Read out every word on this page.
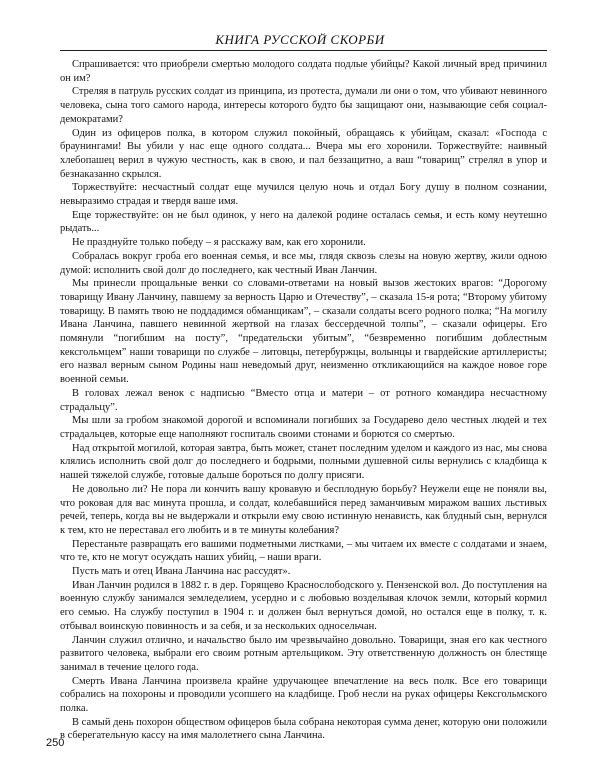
КНИГА РУССКОЙ СКОРБИ

Спрашивается: что приобрели смертью молодого солдата подлые убийцы? Какой личный вред причинил он им?

Стреляя в патруль русских солдат из принципа, из протеста, думали ли они о том, что убивают невинного человека, сына того самого народа, интересы которого будто бы защищают они, называющие себя социал-демократами?

Один из офицеров полка, в котором служил покойный, обращаясь к убийцам, сказал: «Господа с браунингами! Вы убили у нас еще одного солдата... Вчера мы его хоронили. Торжествуйте: наивный хлебопашец верил в чужую честность, как в свою, и пал беззащитно, а ваш “товарищ” стрелял в упор и безнаказанно скрылся.

Торжествуйте: несчастный солдат еще мучился целую ночь и отдал Богу душу в полном сознании, невыразимо страдая и твердя ваше имя.

Еще торжествуйте: он не был одинок, у него на далекой родине осталась семья, и есть кому неутешно рыдать...

Не празднуйте только победу – я расскажу вам, как его хоронили.

Собралась вокруг гроба его военная семья, и все мы, глядя сквозь слезы на новую жертву, жили одною думой: исполнить свой долг до последнего, как честный Иван Ланчин.

Мы принесли прощальные венки со словами-ответами на новый вызов жестоких врагов: “Дорогому товарищу Ивану Ланчину, павшему за верность Царю и Отечеству”, – сказала 15-я рота; “Второму убитому товарищу. В память твою не поддадимся обманщикам”, – сказали солдаты всего родного полка; “На могилу Ивана Ланчина, павшего невинной жертвой на глазах бессердечной толпы”, – сказали офицеры. Его помянули “погибшим на посту”, “предательски убитым”, “безвременно погибшим доблестным кексгольмцем” наши товарищи по службе – литовцы, петербуржцы, волынцы и гвардейские артиллеристы; его назвал верным сыном Родины наш неведомый друг, неизменно откликающийся на каждое новое горе военной семьи.

В головах лежал венок с надписью “Вместо отца и матери – от ротного командира несчастному страдальцу”.

Мы шли за гробом знакомой дорогой и вспоминали погибших за Государево дело честных людей и тех страдальцев, которые еще наполняют госпиталь своими стонами и борются со смертью.

Над открытой могилой, которая завтра, быть может, станет последним уделом и каждого из нас, мы снова клялись исполнить свой долг до последнего и бодрыми, полными душевной силы вернулись с кладбища к нашей тяжелой службе, готовые дальше бороться по долгу присяги.

Не довольно ли? Не пора ли кончить вашу кровавую и бесплодную борьбу? Неужели еще не поняли вы, что роковая для вас минута прошла, и солдат, колебавшийся перед заманчивым миражом ваших льстивых речей, теперь, когда вы не выдержали и открыли ему свою истинную ненависть, как блудный сын, вернулся к тем, кто не переставал его любить и в те минуты колебания?

Перестаньте развращать его вашими подметными листками, – мы читаем их вместе с солдатами и знаем, что те, кто не могут осуждать наших убийц, – наши враги.

Пусть мать и отец Ивана Ланчина нас рассудят».

Иван Ланчин родился в 1882 г. в дер. Горящево Краснослободского у. Пензенской вол. До поступления на военную службу занимался земледелием, усердно и с любовью возделывая клочок земли, который кормил его семью. На службу поступил в 1904 г. и должен был вернуться домой, но остался еще в полку, т. к. отбывал воинскую повинность и за себя, и за нескольких односельчан.

Ланчин служил отлично, и начальство было им чрезвычайно довольно. Товарищи, зная его как честного развитого человека, выбрали его своим ротным артельщиком. Эту ответственную должность он блестяще занимал в течение целого года.

Смерть Ивана Ланчина произвела крайне удручающее впечатление на весь полк. Все его товарищи собрались на похороны и проводили усопшего на кладбище. Гроб несли на руках офицеры Кексгольмского полка.

В самый день похорон обществом офицеров была собрана некоторая сумма денег, которую они положили в сберегательную кассу на имя малолетнего сына Ланчина.

250
